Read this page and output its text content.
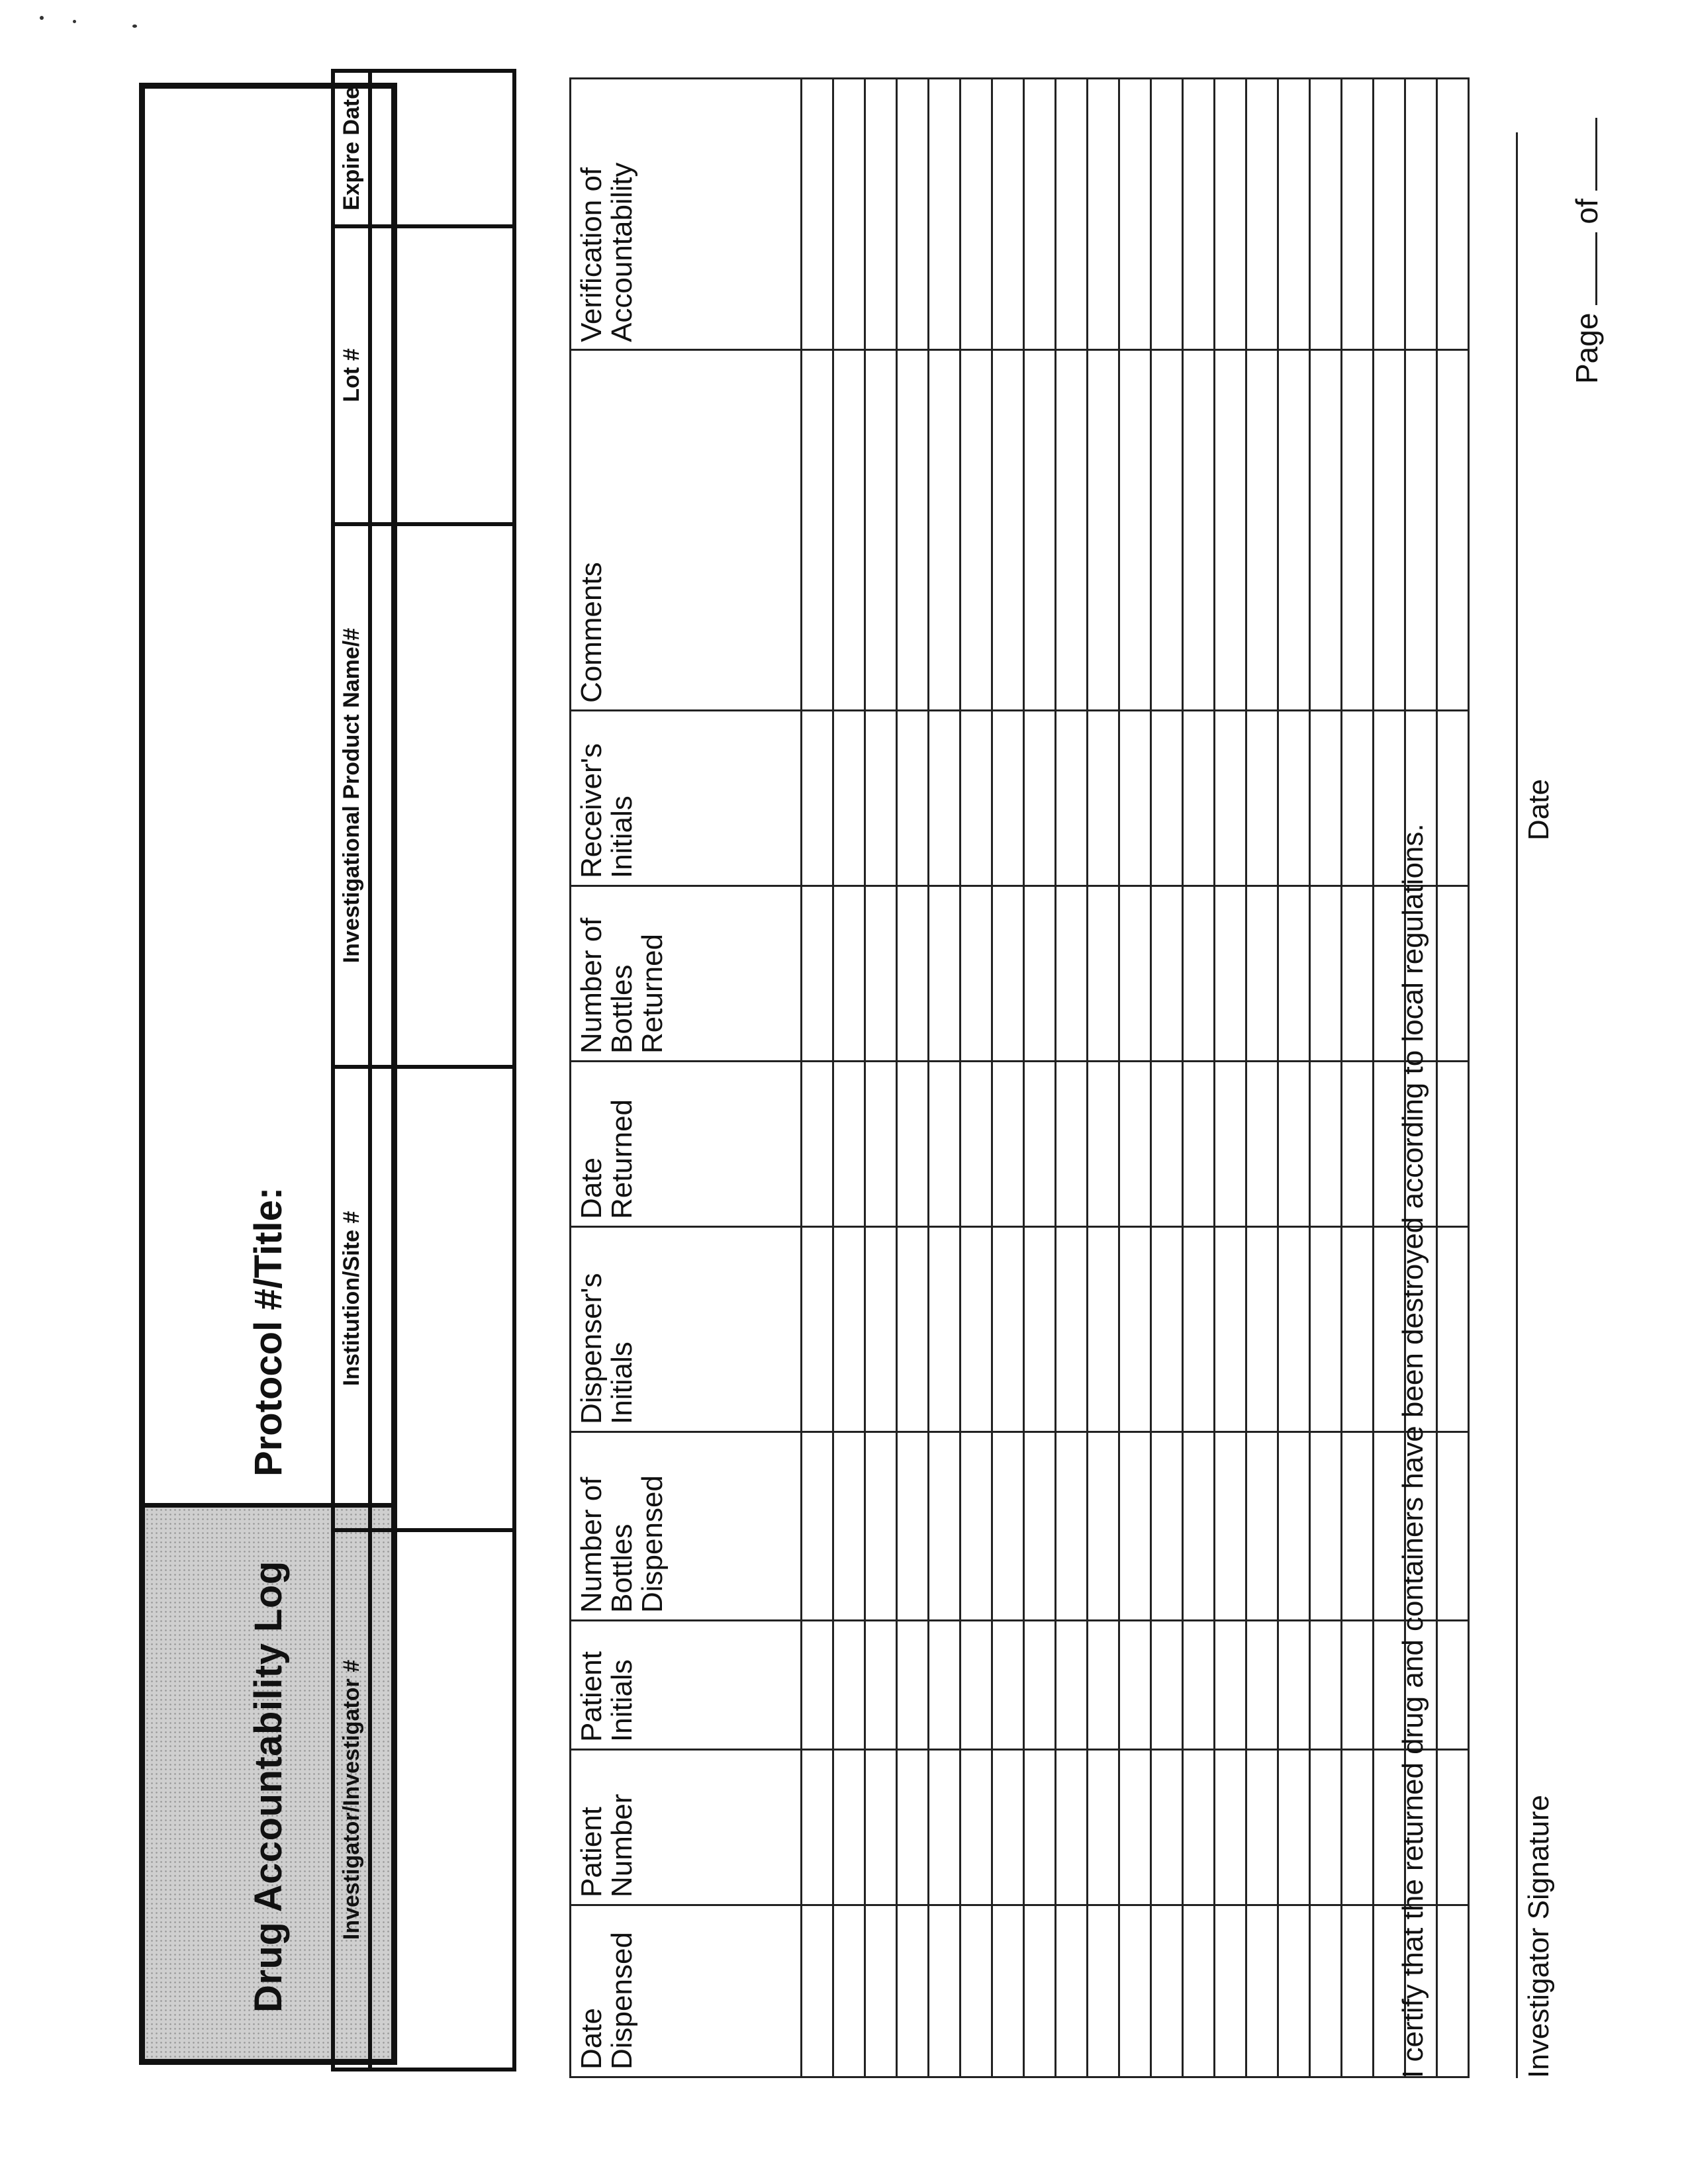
Drug Accountability Log
Protocol #/Title:
Investigator/Investigator #	Institution/Site #	Investigational Product Name/#	Lot #	Expire Date

Date Dispensed	Patient Number	Patient Initials	Number of Bottles Dispensed	Dispenser's Initials	Date Returned	Number of Bottles Returned	Receiver's Initials	Comments	Verification of Accountability

I certify that the returned drug and containers have been destroyed according to local regulations.	Investigator Signature
Date
Page
of
